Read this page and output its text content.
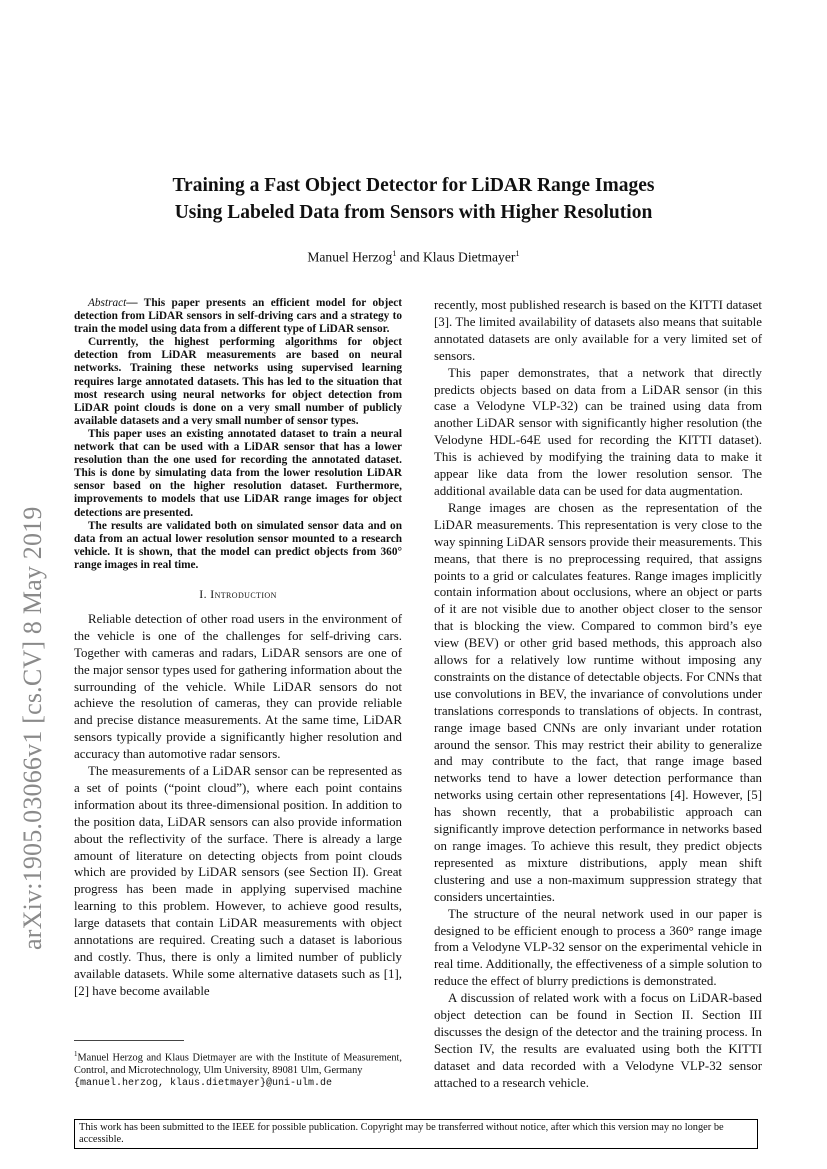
arXiv:1905.03066v1 [cs.CV] 8 May 2019
Training a Fast Object Detector for LiDAR Range Images
Using Labeled Data from Sensors with Higher Resolution
Manuel Herzog$^1$ and Klaus Dietmayer$^1$

Abstract— This paper presents an efficient model for object detection from LiDAR sensors in self-driving cars and a strategy to train the model using data from a different type of LiDAR sensor.

Currently, the highest performing algorithms for object detection from LiDAR measurements are based on neural networks. Training these networks using supervised learning requires large annotated datasets. This has led to the situation that most research using neural networks for object detection from LiDAR point clouds is done on a very small number of publicly available datasets and a very small number of sensor types.

This paper uses an existing annotated dataset to train a neural network that can be used with a LiDAR sensor that has a lower resolution than the one used for recording the annotated dataset. This is done by simulating data from the lower resolution LiDAR sensor based on the higher resolution dataset. Furthermore, improvements to models that use LiDAR range images for object detections are presented.

The results are validated both on simulated sensor data and on data from an actual lower resolution sensor mounted to a research vehicle. It is shown, that the model can predict objects from 360° range images in real time.

I. Introduction

Reliable detection of other road users in the environment of the vehicle is one of the challenges for self-driving cars. Together with cameras and radars, LiDAR sensors are one of the major sensor types used for gathering information about the surrounding of the vehicle. While LiDAR sensors do not achieve the resolution of cameras, they can provide reliable and precise distance measurements. At the same time, LiDAR sensors typically provide a significantly higher resolution and accuracy than automotive radar sensors.

The measurements of a LiDAR sensor can be represented as a set of points (“point cloud”), where each point contains information about its three-dimensional position. In addition to the position data, LiDAR sensors can also provide information about the reflectivity of the surface. There is already a large amount of literature on detecting objects from point clouds which are provided by LiDAR sensors (see Section II). Great progress has been made in applying supervised machine learning to this problem. However, to achieve good results, large datasets that contain LiDAR measurements with object annotations are required. Creating such a dataset is laborious and costly. Thus, there is only a limited number of publicly available datasets. While some alternative datasets such as [1], [2] have become available

recently, most published research is based on the KITTI dataset [3]. The limited availability of datasets also means that suitable annotated datasets are only available for a very limited set of sensors.

This paper demonstrates, that a network that directly predicts objects based on data from a LiDAR sensor (in this case a Velodyne VLP-32) can be trained using data from another LiDAR sensor with significantly higher resolution (the Velodyne HDL-64E used for recording the KITTI dataset). This is achieved by modifying the training data to make it appear like data from the lower resolution sensor. The additional available data can be used for data augmentation.

Range images are chosen as the representation of the LiDAR measurements. This representation is very close to the way spinning LiDAR sensors provide their measurements. This means, that there is no preprocessing required, that assigns points to a grid or calculates features. Range images implicitly contain information about occlusions, where an object or parts of it are not visible due to another object closer to the sensor that is blocking the view. Compared to common bird’s eye view (BEV) or other grid based methods, this approach also allows for a relatively low runtime without imposing any constraints on the distance of detectable objects. For CNNs that use convolutions in BEV, the invariance of convolutions under translations corresponds to translations of objects. In contrast, range image based CNNs are only invariant under rotation around the sensor. This may restrict their ability to generalize and may contribute to the fact, that range image based networks tend to have a lower detection performance than networks using certain other representations [4]. However, [5] has shown recently, that a probabilistic approach can significantly improve detection performance in networks based on range images. To achieve this result, they predict objects represented as mixture distributions, apply mean shift clustering and use a non-maximum suppression strategy that considers uncertainties.

The structure of the neural network used in our paper is designed to be efficient enough to process a 360° range image from a Velodyne VLP-32 sensor on the experimental vehicle in real time. Additionally, the effectiveness of a simple solution to reduce the effect of blurry predictions is demonstrated.

A discussion of related work with a focus on LiDAR-based object detection can be found in Section II. Section III discusses the design of the detector and the training process. In Section IV, the results are evaluated using both the KITTI dataset and data recorded with a Velodyne VLP-32 sensor attached to a research vehicle.

$^1$Manuel Herzog and Klaus Dietmayer are with the Institute of Measurement, Control, and Microtechnology, Ulm University, 89081 Ulm, Germany
{manuel.herzog, klaus.dietmayer}@uni-ulm.de
This work has been submitted to the IEEE for possible publication. Copyright may be transferred without notice, after which this version may no longer be accessible.
